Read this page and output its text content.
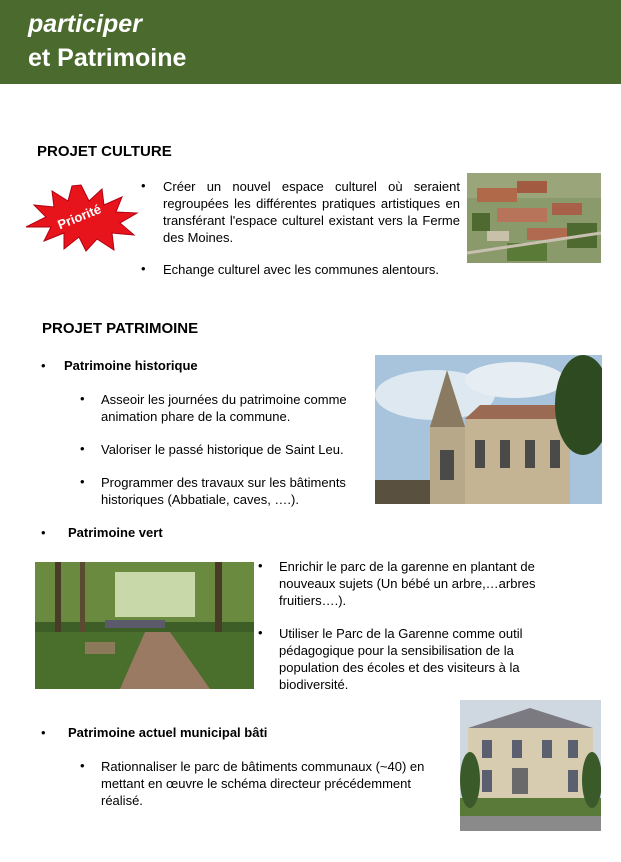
participer
et Patrimoine
PROJET CULTURE
Priorité
• Créer un nouvel espace culturel où seraient regroupées les différentes pratiques artistiques en transférant l'espace culturel existant vers la Ferme des Moines.
• Echange culturel avec les communes alentours.
PROJET PATRIMOINE
• Patrimoine historique
• Asseoir les journées du patrimoine comme animation phare de la commune.
• Valoriser le passé historique de Saint Leu.
• Programmer des travaux sur les bâtiments historiques (Abbatiale, caves, ….).
• Patrimoine vert
• Enrichir le parc de la garenne en plantant de nouveaux sujets (Un bébé un arbre,…arbres fruitiers….).
• Utiliser le Parc de la Garenne comme outil pédagogique pour la sensibilisation de la population des écoles et des visiteurs à la biodiversité.
• Patrimoine actuel municipal bâti
• Rationnaliser le parc de bâtiments communaux (~40) en mettant en œuvre le schéma directeur précédemment réalisé.
